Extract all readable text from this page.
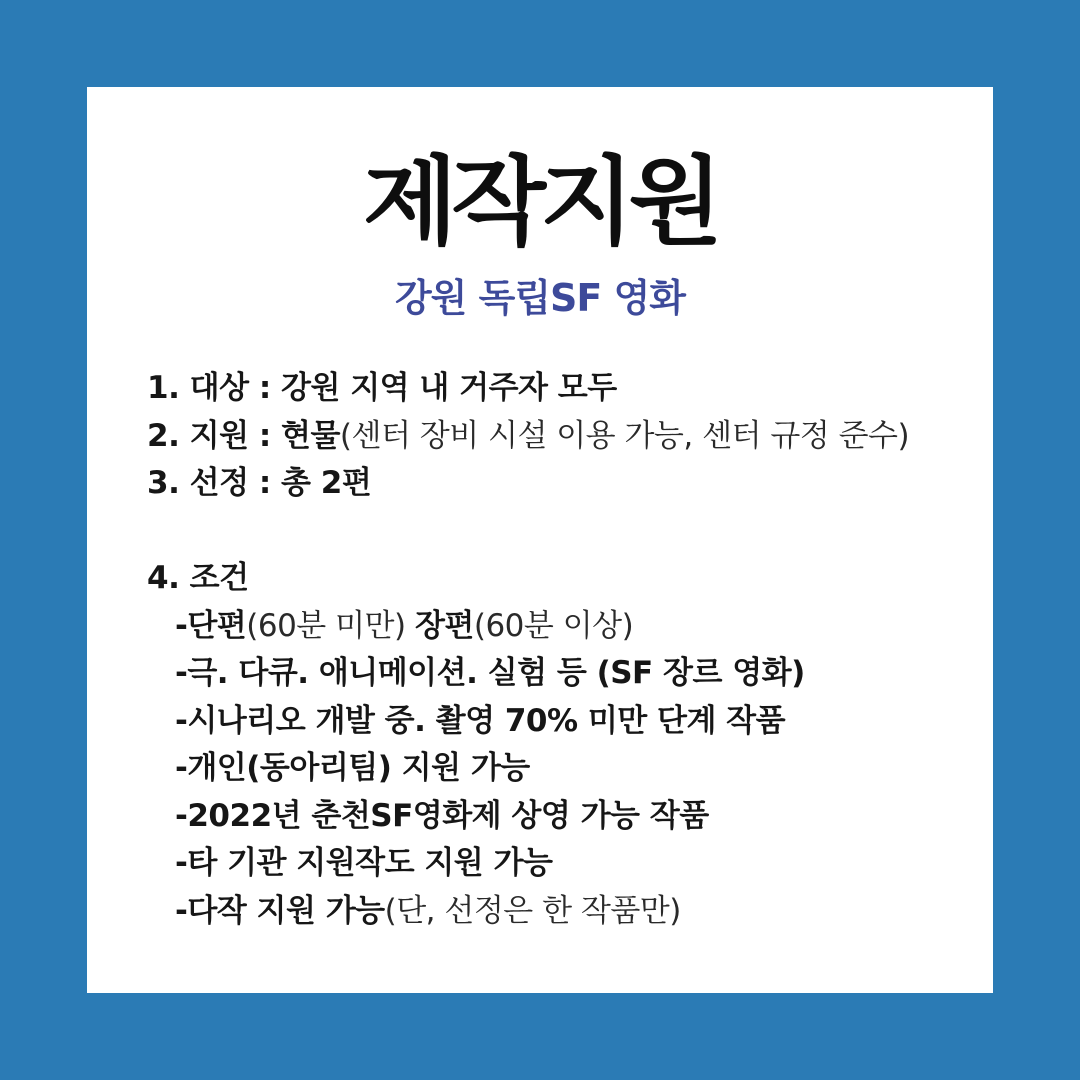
제작지원
강원 독립SF 영화
1. 대상 : 강원 지역 내 거주자 모두
2. 지원 : 현물(센터 장비 시설 이용 가능, 센터 규정 준수)
3. 선정 : 총 2편
4. 조건
-단편(60분 미만) 장편(60분 이상)
-극. 다큐. 애니메이션. 실험 등 (SF 장르 영화)
-시나리오 개발 중. 촬영 70% 미만 단계 작품
-개인(동아리팀) 지원 가능
-2022년 춘천SF영화제 상영 가능 작품
-타 기관 지원작도 지원 가능
-다작 지원 가능(단, 선정은 한 작품만)
